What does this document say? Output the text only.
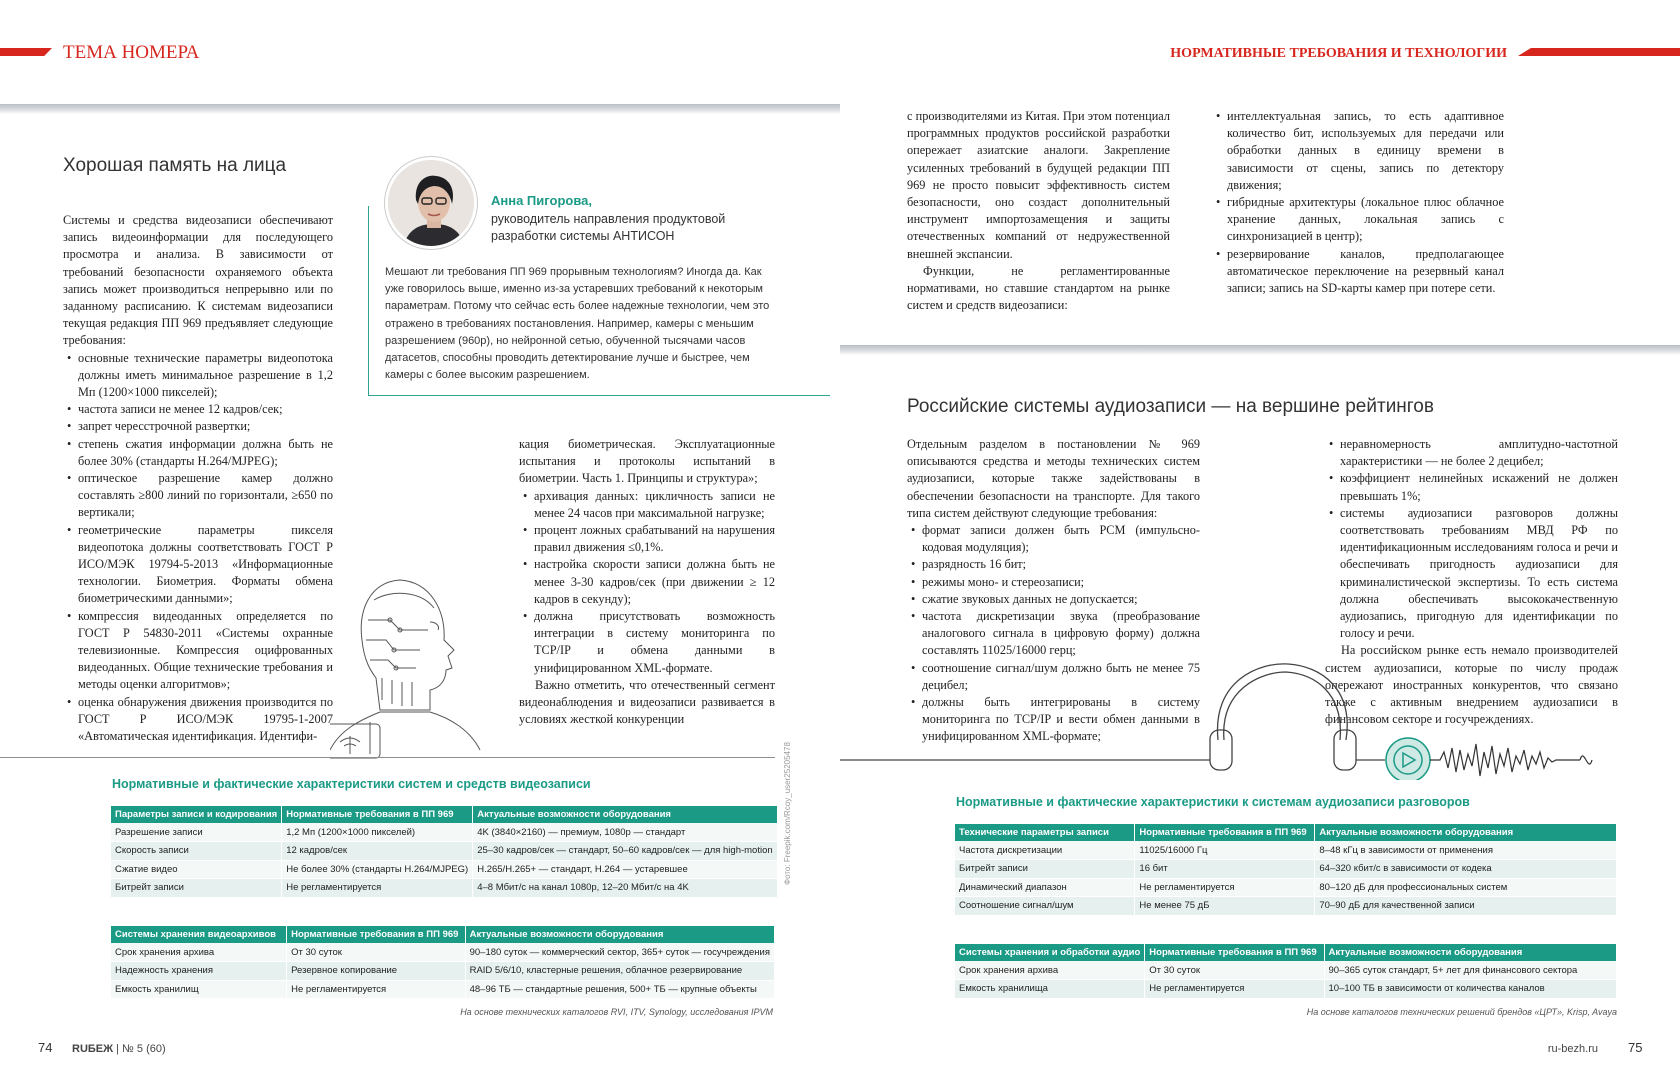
ТЕМА НОМЕРА	НОРМАТИВНЫЕ ТРЕБОВАНИЯ И ТЕХНОЛОГИИ
Хорошая память на лица

Системы и средства видеозаписи обеспечивают запись видеоинформации для последующего просмотра и анализа. В зависимости от требований безопасности охраняемого объекта запись может производиться непрерывно или по заданному расписанию. К системам видеозаписи текущая редакция ПП 969 предъявляет следующие требования:

• основные технические параметры видеопотока должны иметь минимальное разрешение в 1,2 Мп (1200×1000 пикселей);
• частота записи не менее 12 кадров/сек;
• запрет чересстрочной развертки;
• степень сжатия информации должна быть не более 30% (стандарты H.264/MJPEG);
• оптическое разрешение камер должно составлять ≥800 линий по горизонтали, ≥650 по вертикали;
• геометрические параметры пикселя видеопотока должны соответствовать ГОСТ Р ИСО/МЭК 19794-5-2013 «Информационные технологии. Биометрия. Форматы обмена биометрическими данными»;
• компрессия видеоданных определяется по ГОСТ Р 54830-2011 «Системы охранные телевизионные. Компрессия оцифрованных видеоданных. Общие технические требования и методы оценки алгоритмов»;
• оценка обнаружения движения производится по ГОСТ Р ИСО/МЭК 19795-1-2007 «Автоматическая идентификация. Идентифи-
Анна Пигорова,
руководитель направления продуктовой разработки системы АНТИСОН
Мешают ли требования ПП 969 прорывным технологиям? Иногда да. Как уже говорилось выше, именно из-за устаревших требований к некоторым параметрам. Потому что сейчас есть более надежные технологии, чем это отражено в требованиях постановления. Например, камеры с меньшим разрешением (960p), но нейронной сетью, обученной тысячами часов датасетов, способны проводить детектирование лучше и быстрее, чем камеры с более высоким разрешением.

кация биометрическая. Эксплуатационные испытания и протоколы испытаний в биометрии. Часть 1. Принципы и структура»;

• архивация данных: цикличность записи не менее 24 часов при максимальной нагрузке;
• процент ложных срабатываний на нарушения правил движения ≤0,1%.
• настройка скорости записи должна быть не менее 3-30 кадров/сек (при движении ≥ 12 кадров в секунду);
• должна присутствовать возможность интеграции в систему мониторинга по TCP/IP и обмена данными в унифицированном XML-формате.

Важно отметить, что отечественный сегмент видеонаблюдения и видеозаписи развивается в условиях жесткой конкуренции

Нормативные и фактические характеристики систем и средств видеозаписи
Параметры записи и кодирования	Нормативные требования в ПП 969	Актуальные возможности оборудования
Разрешение записи	1,2 Мп (1200×1000 пикселей)	4K (3840×2160) — премиум, 1080p — стандарт
Скорость записи	12 кадров/сек	25–30 кадров/сек — стандарт, 50–60 кадров/сек — для high-motion
Сжатие видео	Не более 30% (стандарты H.264/MJPEG)	H.265/H.265+ — стандарт, H.264 — устаревшее
Битрейт записи	Не регламентируется	4–8 Мбит/с на канал 1080p, 12–20 Мбит/с на 4K
Системы хранения видеоархивов	Нормативные требования в ПП 969	Актуальные возможности оборудования
Срок хранения архива	От 30 суток	90–180 суток — коммерческий сектор, 365+ суток — госучреждения
Надежность хранения	Резервное копирование	RAID 5/6/10, кластерные решения, облачное резервирование
Емкость хранилищ	Не регламентируется	48–96 ТБ — стандартные решения, 500+ ТБ — крупные объекты
На основе технических каталогов RVI, ITV, Synology, исследования IPVM
Фото: Freepik.com/Rcoy_user25205478

с производителями из Китая. При этом потенциал программных продуктов российской разработки опережает азиатские аналоги. Закрепление усиленных требований в будущей редакции ПП 969 не просто повысит эффективность систем безопасности, оно создаст дополнительный инструмент импортозамещения и защиты отечественных компаний от недружественной внешней экспансии.

Функции, не регламентированные нормативами, но ставшие стандартом на рынке систем и средств видеозаписи:

• интеллектуальная запись, то есть адаптивное количество бит, используемых для передачи или обработки данных в единицу времени в зависимости от сцены, запись по детектору движения;
• гибридные архитектуры (локальное плюс облачное хранение данных, локальная запись с синхронизацией в центр);
• резервирование каналов, предполагающее автоматическое переключение на резервный канал записи; запись на SD-карты камер при потере сети.
Российские системы аудиозаписи — на вершине рейтингов

Отдельным разделом в постановлении № 969 описываются средства и методы технических систем аудиозаписи, которые также задействованы в обеспечении безопасности на транспорте. Для такого типа систем действуют следующие требования:

• формат записи должен быть PCM (импульсно-кодовая модуляция);
• разрядность 16 бит;
• режимы моно- и стереозаписи;
• сжатие звуковых данных не допускается;
• частота дискретизации звука (преобразование аналогового сигнала в цифровую форму) должна составлять 11025/16000 герц;
• соотношение сигнал/шум должно быть не менее 75 децибел;
• должны быть интегрированы в систему мониторинга по TCP/IP и вести обмен данными в унифицированном XML-формате;
• неравномерность амплитудно-частотной характеристики — не более 2 децибел;
• коэффициент нелинейных искажений не должен превышать 1%;
• системы аудиозаписи разговоров должны соответствовать требованиям МВД РФ по идентификационным исследованиям голоса и речи и обеспечивать пригодность аудиозаписи для криминалистической экспертизы. То есть система должна обеспечивать высококачественную аудиозапись, пригодную для идентификации по голосу и речи.

На российском рынке есть немало производителей систем аудиозаписи, которые по числу продаж опережают иностранных конкурентов, что связано также с активным внедрением аудиозаписи в финансовом секторе и госучреждениях.

Нормативные и фактические характеристики к системам аудиозаписи разговоров
Технические параметры записи	Нормативные требования в ПП 969	Актуальные возможности оборудования
Частота дискретизации	11025/16000 Гц	8–48 кГц в зависимости от применения
Битрейт записи	16 бит	64–320 кбит/с в зависимости от кодека
Динамический диапазон	Не регламентируется	80–120 дБ для профессиональных систем
Соотношение сигнал/шум	Не менее 75 дБ	70–90 дБ для качественной записи
Системы хранения и обработки аудио	Нормативные требования в ПП 969	Актуальные возможности оборудования
Срок хранения архива	От 30 суток	90–365 суток стандарт, 5+ лет для финансового сектора
Емкость хранилища	Не регламентируется	10–100 ТБ в зависимости от количества каналов
На основе каталогов технических решений брендов «ЦРТ», Krisp, Avaya
74 RUБЕЖ | № 5 (60)	ru-bezh.ru 75
